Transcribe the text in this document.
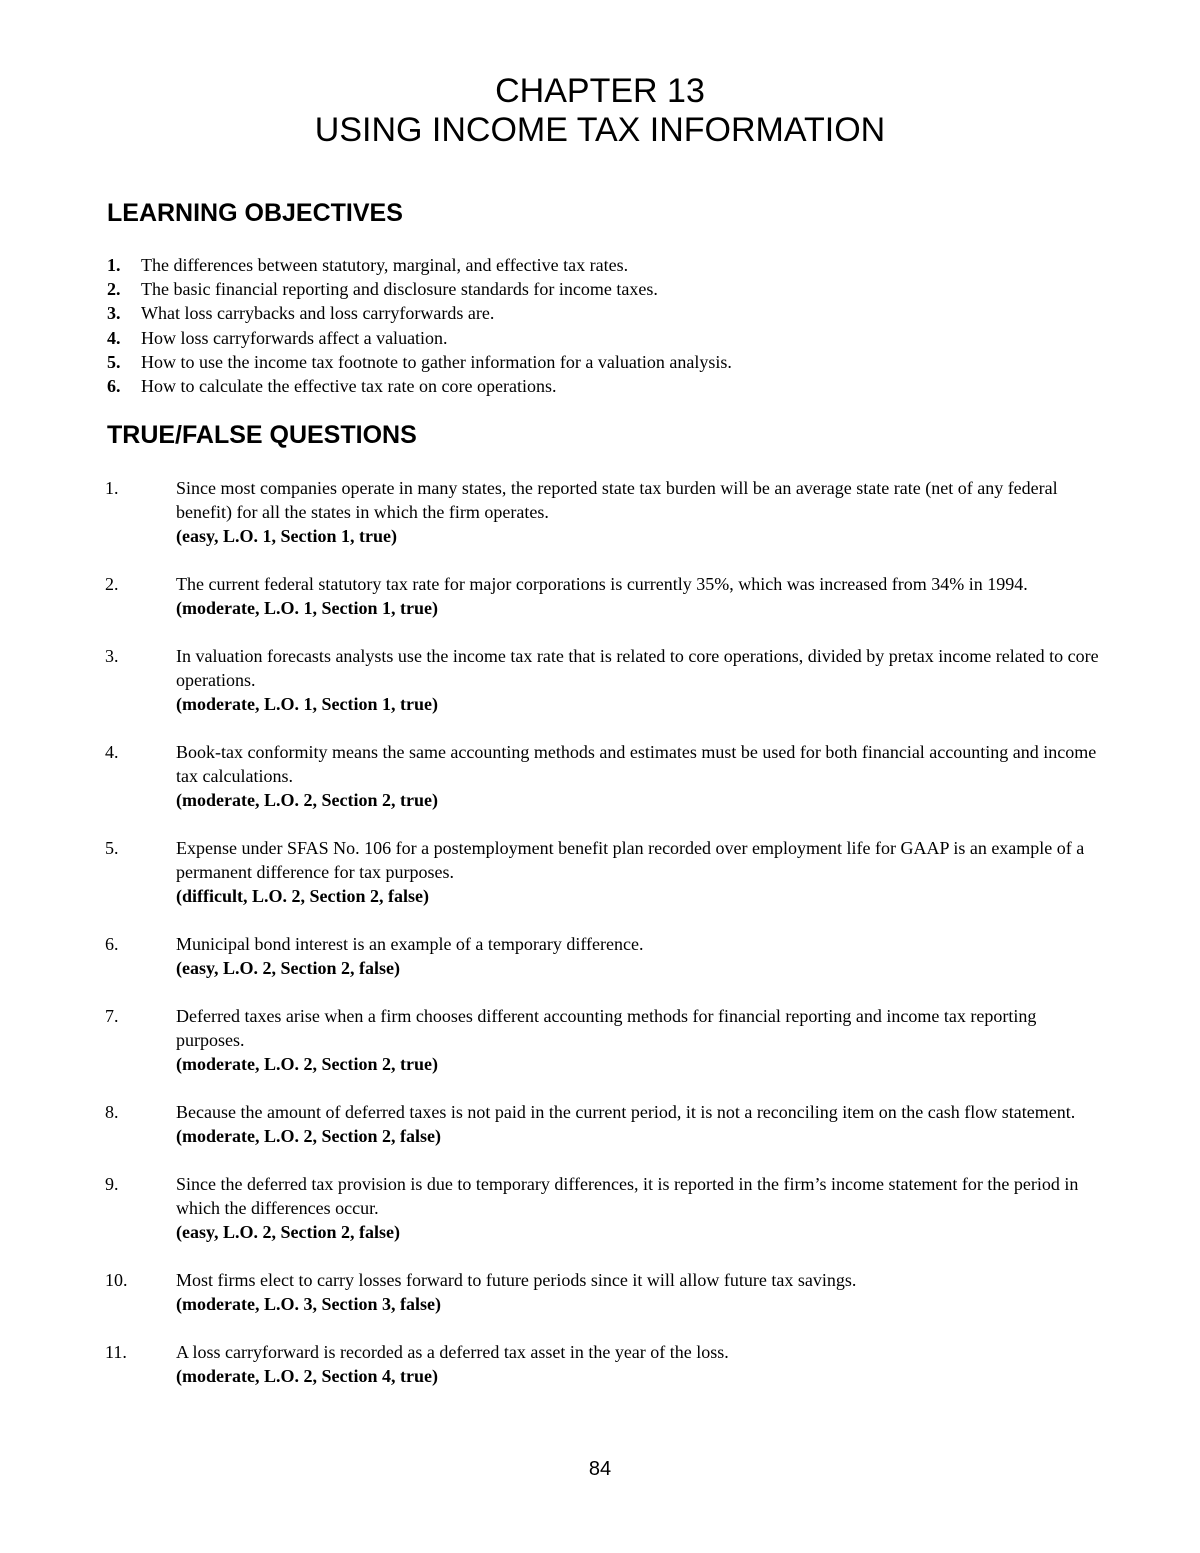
CHAPTER 13
USING INCOME TAX INFORMATION
LEARNING OBJECTIVES
1.	The differences between statutory, marginal, and effective tax rates.
2.	The basic financial reporting and disclosure standards for income taxes.
3.	What loss carrybacks and loss carryforwards are.
4.	How loss carryforwards affect a valuation.
5.	How to use the income tax footnote to gather information for a valuation analysis.
6.	How to calculate the effective tax rate on core operations.
TRUE/FALSE QUESTIONS
1.	Since most companies operate in many states, the reported state tax burden will be an average state rate (net of any federal benefit) for all the states in which the firm operates.
(easy, L.O. 1, Section 1, true)
2.	The current federal statutory tax rate for major corporations is currently 35%, which was increased from 34% in 1994.
(moderate, L.O. 1, Section 1, true)
3.	In valuation forecasts analysts use the income tax rate that is related to core operations, divided by pretax income related to core operations.
(moderate, L.O. 1, Section 1, true)
4.	Book-tax conformity means the same accounting methods and estimates must be used for both financial accounting and income tax calculations.
(moderate, L.O. 2, Section 2, true)
5.	Expense under SFAS No. 106 for a postemployment benefit plan recorded over employment life for GAAP is an example of a permanent difference for tax purposes.
(difficult, L.O. 2, Section 2, false)
6.	Municipal bond interest is an example of a temporary difference.
(easy, L.O. 2, Section 2, false)
7.	Deferred taxes arise when a firm chooses different accounting methods for financial reporting and income tax reporting purposes.
(moderate, L.O. 2, Section 2, true)
8.	Because the amount of deferred taxes is not paid in the current period, it is not a reconciling item on the cash flow statement.
(moderate, L.O. 2, Section 2, false)
9.	Since the deferred tax provision is due to temporary differences, it is reported in the firm’s income statement for the period in which the differences occur.
(easy, L.O. 2, Section 2, false)
10.	Most firms elect to carry losses forward to future periods since it will allow future tax savings.
(moderate, L.O. 3, Section 3, false)
11.	A loss carryforward is recorded as a deferred tax asset in the year of the loss.
(moderate, L.O. 2, Section 4, true)
84
